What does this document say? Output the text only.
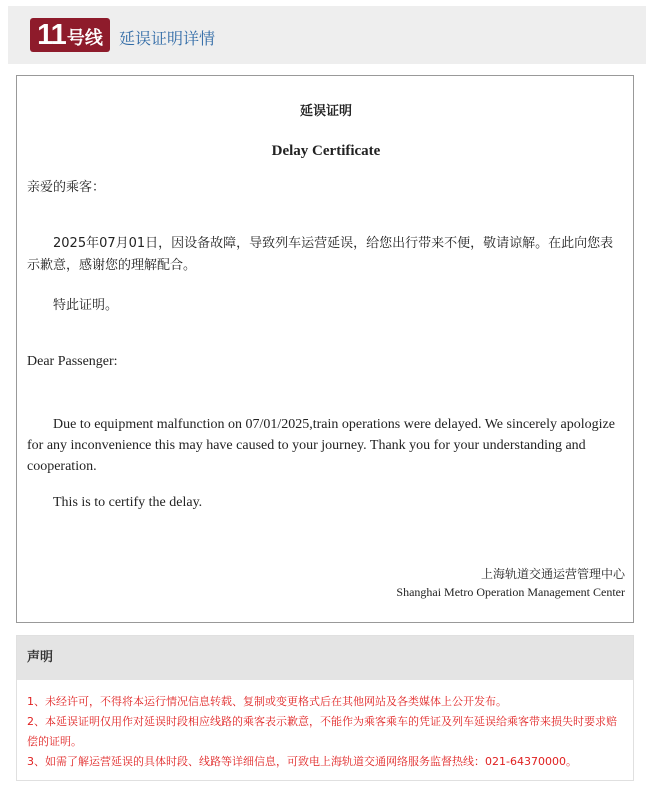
11 号线 延误证明详情
延误证明
Delay Certificate
亲爱的乘客：
2025年07月01日，因设备故障，导致列车运营延误，给您出行带来不便，敬请谅解。在此向您表示歉意，感谢您的理解配合。
特此证明。
Dear Passenger:
Due to equipment malfunction on 07/01/2025,train operations were delayed. We sincerely apologize for any inconvenience this may have caused to your journey. Thank you for your understanding and cooperation.
This is to certify the delay.
上海轨道交通运营管理中心
Shanghai Metro Operation Management Center
声明
1、未经许可，不得将本运行情况信息转载、复制或变更格式后在其他网站及各类媒体上公开发布。
2、本延误证明仅用作对延误时段相应线路的乘客表示歉意，不能作为乘客乘车的凭证及列车延误给乘客带来损失时要求赔偿的证明。
3、如需了解运营延误的具体时段、线路等详细信息，可致电上海轨道交通网络服务监督热线：021-64370000。
